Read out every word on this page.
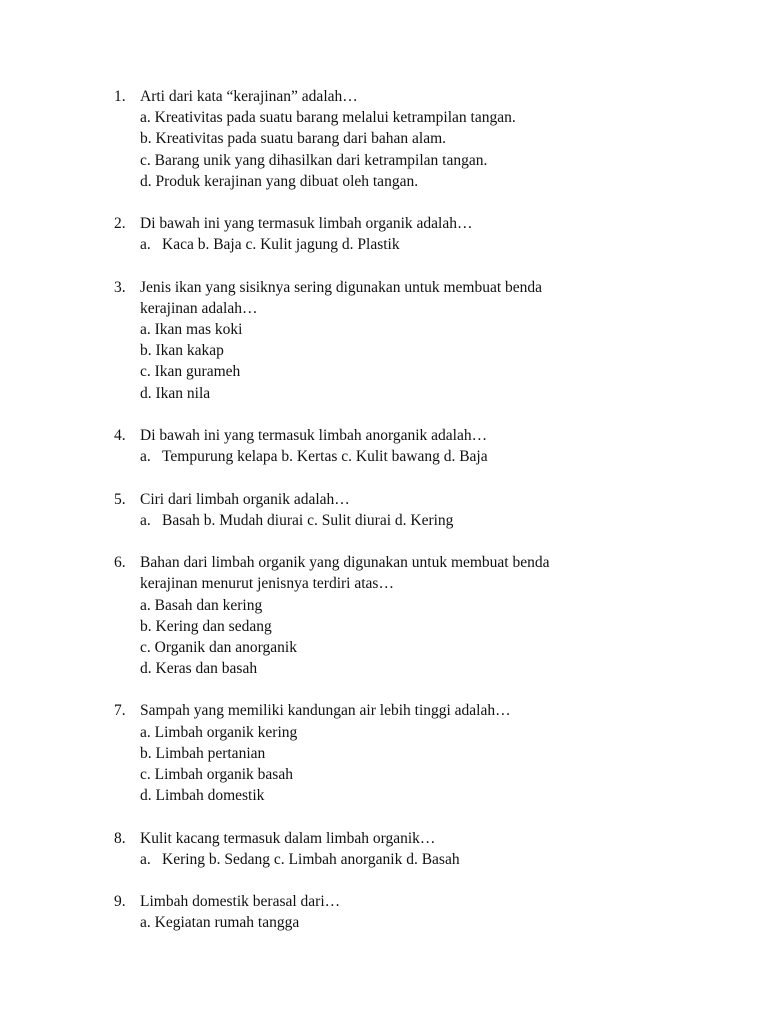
1. Arti dari kata “kerajinan” adalah…
a. Kreativitas pada suatu barang melalui ketrampilan tangan.
b. Kreativitas pada suatu barang dari bahan alam.
c. Barang unik yang dihasilkan dari ketrampilan tangan.
d. Produk kerajinan yang dibuat oleh tangan.
2. Di bawah ini yang termasuk limbah organik adalah…
a. Kaca b. Baja c. Kulit jagung d. Plastik
3. Jenis ikan yang sisiknya sering digunakan untuk membuat benda
kerajinan adalah…
a. Ikan mas koki
b. Ikan kakap
c. Ikan gurameh
d. Ikan nila
4. Di bawah ini yang termasuk limbah anorganik adalah…
a. Tempurung kelapa b. Kertas c. Kulit bawang d. Baja
5. Ciri dari limbah organik adalah…
a. Basah b. Mudah diurai c. Sulit diurai d. Kering
6. Bahan dari limbah organik yang digunakan untuk membuat benda
kerajinan menurut jenisnya terdiri atas…
a. Basah dan kering
b. Kering dan sedang
c. Organik dan anorganik
d. Keras dan basah
7. Sampah yang memiliki kandungan air lebih tinggi adalah…
a. Limbah organik kering
b. Limbah pertanian
c. Limbah organik basah
d. Limbah domestik
8. Kulit kacang termasuk dalam limbah organik…
a. Kering b. Sedang c. Limbah anorganik d. Basah
9. Limbah domestik berasal dari…
a. Kegiatan rumah tangga
